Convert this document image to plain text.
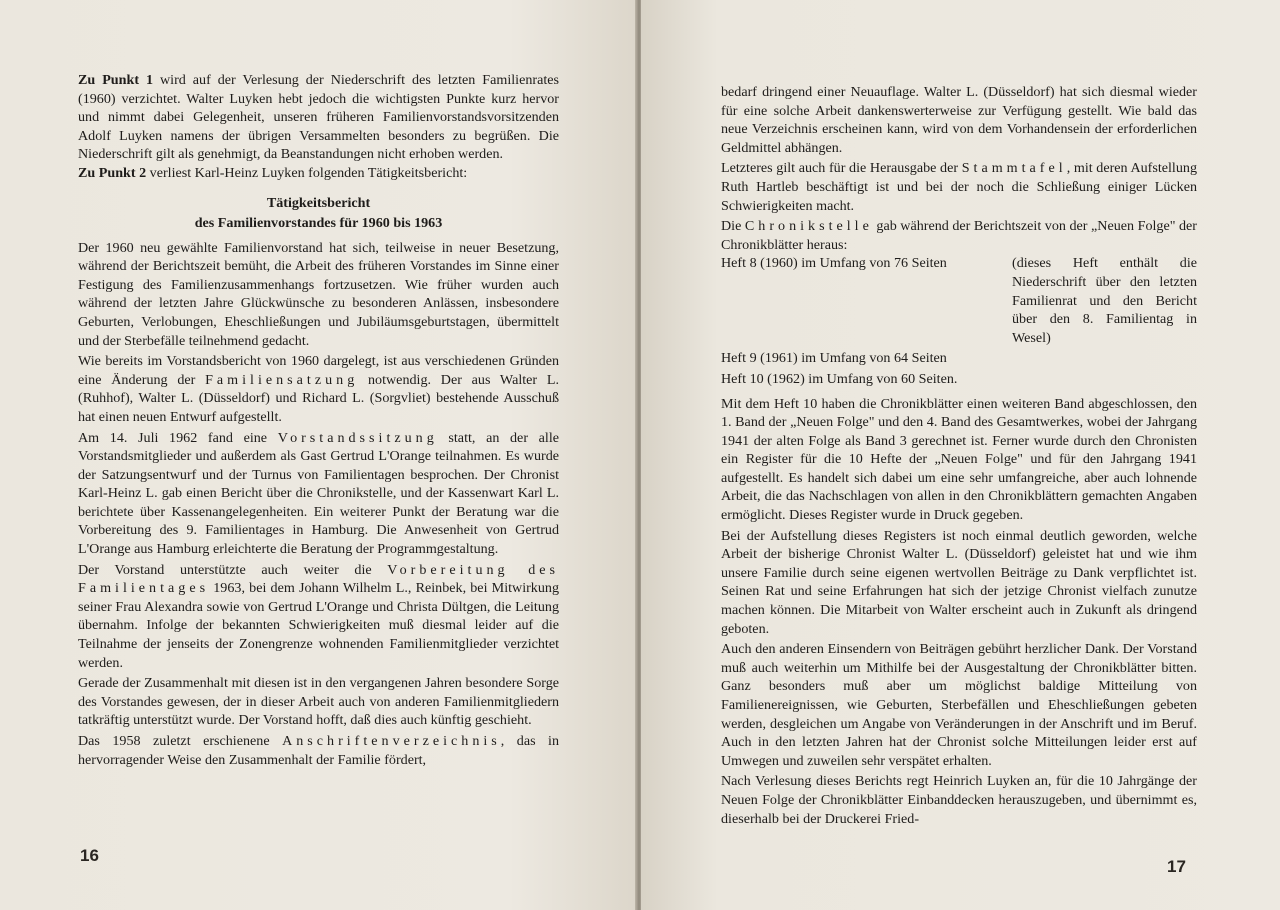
Zu Punkt 1 wird auf der Verlesung der Niederschrift des letzten Familienrates (1960) verzichtet. Walter Luyken hebt jedoch die wichtigsten Punkte kurz hervor und nimmt dabei Gelegenheit, unseren früheren Familienvorstandsvorsitzenden Adolf Luyken namens der übrigen Versammelten besonders zu begrüßen. Die Niederschrift gilt als genehmigt, da Beanstandungen nicht erhoben werden.

Zu Punkt 2 verliest Karl-Heinz Luyken folgenden Tätigkeitsbericht:

Tätigkeitsbericht
des Familienvorstandes für 1960 bis 1963

Der 1960 neu gewählte Familienvorstand hat sich, teilweise in neuer Besetzung, während der Berichtszeit bemüht, die Arbeit des früheren Vorstandes im Sinne einer Festigung des Familienzusammenhangs fortzusetzen. Wie früher wurden auch während der letzten Jahre Glückwünsche zu besonderen Anlässen, insbesondere Geburten, Verlobungen, Eheschließungen und Jubiläumsgeburtstagen, übermittelt und der Sterbefälle teilnehmend gedacht.

Wie bereits im Vorstandsbericht von 1960 dargelegt, ist aus verschiedenen Gründen eine Änderung der Familiensatzung notwendig. Der aus Walter L. (Ruhhof), Walter L. (Düsseldorf) und Richard L. (Sorgvliet) bestehende Ausschuß hat einen neuen Entwurf aufgestellt.

Am 14. Juli 1962 fand eine Vorstandssitzung statt, an der alle Vorstandsmitglieder und außerdem als Gast Gertrud L'Orange teilnahmen. Es wurde der Satzungsentwurf und der Turnus von Familientagen besprochen. Der Chronist Karl-Heinz L. gab einen Bericht über die Chronikstelle, und der Kassenwart Karl L. berichtete über Kassenangelegenheiten. Ein weiterer Punkt der Beratung war die Vorbereitung des 9. Familientages in Hamburg. Die Anwesenheit von Gertrud L'Orange aus Hamburg erleichterte die Beratung der Programmgestaltung.

Der Vorstand unterstützte auch weiter die Vorbereitung des Familientages 1963, bei dem Johann Wilhelm L., Reinbek, bei Mitwirkung seiner Frau Alexandra sowie von Gertrud L'Orange und Christa Dültgen, die Leitung übernahm. Infolge der bekannten Schwierigkeiten muß diesmal leider auf die Teilnahme der jenseits der Zonengrenze wohnenden Familienmitglieder verzichtet werden.

Gerade der Zusammenhalt mit diesen ist in den vergangenen Jahren besondere Sorge des Vorstandes gewesen, der in dieser Arbeit auch von anderen Familienmitgliedern tatkräftig unterstützt wurde. Der Vorstand hofft, daß dies auch künftig geschieht.

Das 1958 zuletzt erschienene Anschriftenverzeichnis, das in hervorragender Weise den Zusammenhalt der Familie fördert,

16

bedarf dringend einer Neuauflage. Walter L. (Düsseldorf) hat sich diesmal wieder für eine solche Arbeit dankenswerterweise zur Verfügung gestellt. Wie bald das neue Verzeichnis erscheinen kann, wird von dem Vorhandensein der erforderlichen Geldmittel abhängen.

Letzteres gilt auch für die Herausgabe der Stammtafel, mit deren Aufstellung Ruth Hartleb beschäftigt ist und bei der noch die Schließung einiger Lücken Schwierigkeiten macht.

Die Chronikstelle gab während der Berichtszeit von der „Neuen Folge" der Chronikblätter heraus:

Heft 8 (1960) im Umfang von 76 Seiten	(dieses Heft enthält die Niederschrift über den letzten Familienrat und den Bericht über den 8. Familientag in Wesel)

Heft 9 (1961) im Umfang von 64 Seiten

Heft 10 (1962) im Umfang von 60 Seiten.

Mit dem Heft 10 haben die Chronikblätter einen weiteren Band abgeschlossen, den 1. Band der „Neuen Folge" und den 4. Band des Gesamtwerkes, wobei der Jahrgang 1941 der alten Folge als Band 3 gerechnet ist. Ferner wurde durch den Chronisten ein Register für die 10 Hefte der „Neuen Folge" und für den Jahrgang 1941 aufgestellt. Es handelt sich dabei um eine sehr umfangreiche, aber auch lohnende Arbeit, die das Nachschlagen von allen in den Chronikblättern gemachten Angaben ermöglicht. Dieses Register wurde in Druck gegeben.

Bei der Aufstellung dieses Registers ist noch einmal deutlich geworden, welche Arbeit der bisherige Chronist Walter L. (Düsseldorf) geleistet hat und wie ihm unsere Familie durch seine eigenen wertvollen Beiträge zu Dank verpflichtet ist. Seinen Rat und seine Erfahrungen hat sich der jetzige Chronist vielfach zunutze machen können. Die Mitarbeit von Walter erscheint auch in Zukunft als dringend geboten.

Auch den anderen Einsendern von Beiträgen gebührt herzlicher Dank. Der Vorstand muß auch weiterhin um Mithilfe bei der Ausgestaltung der Chronikblätter bitten. Ganz besonders muß aber um möglichst baldige Mitteilung von Familienereignissen, wie Geburten, Sterbefällen und Eheschließungen gebeten werden, desgleichen um Angabe von Veränderungen in der Anschrift und im Beruf. Auch in den letzten Jahren hat der Chronist solche Mitteilungen leider erst auf Umwegen und zuweilen sehr verspätet erhalten.

Nach Verlesung dieses Berichts regt Heinrich Luyken an, für die 10 Jahrgänge der Neuen Folge der Chronikblätter Einbanddecken herauszugeben, und übernimmt es, dieserhalb bei der Druckerei Fried-

17
